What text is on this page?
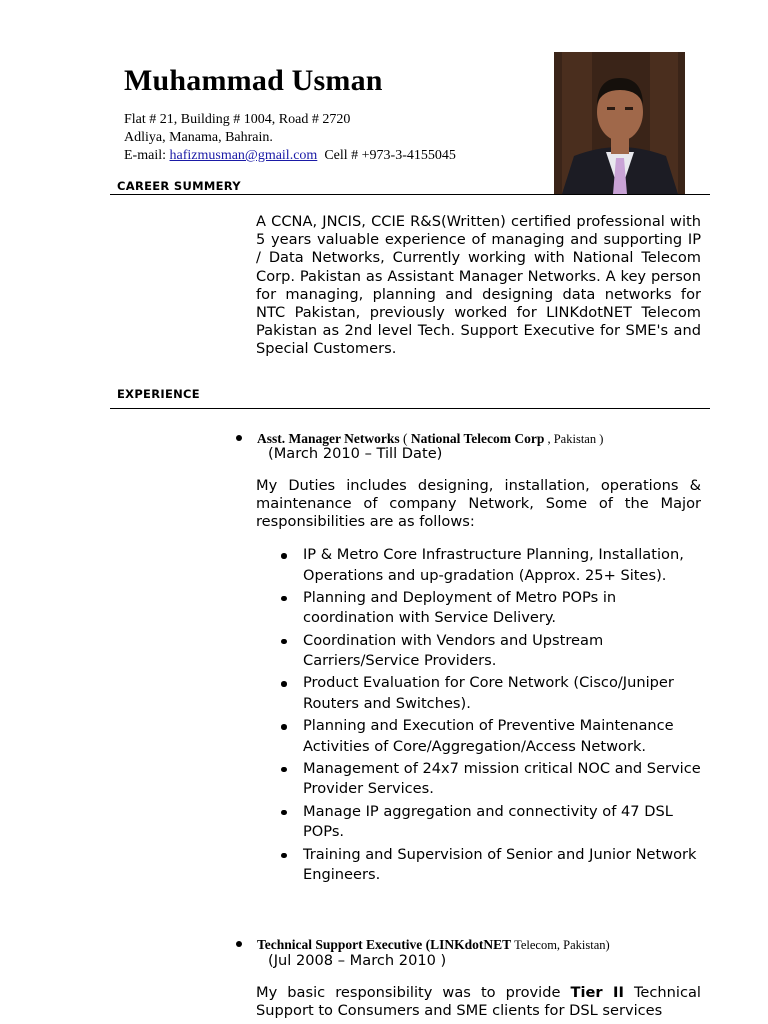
Muhammad Usman
Flat # 21, Building # 1004, Road # 2720
Adliya, Manama, Bahrain.
E-mail: hafizmusman@gmail.com  Cell # +973-3-4155045
CAREER SUMMERY

A CCNA, JNCIS, CCIE R&S(Written) certified professional with 5 years valuable experience of managing and supporting IP / Data Networks, Currently working with National Telecom Corp. Pakistan as Assistant Manager Networks. A key person for managing, planning and designing data networks for NTC Pakistan, previously worked for LINKdotNET Telecom Pakistan as 2nd level Tech. Support Executive for SME's and Special Customers.

EXPERIENCE
Asst. Manager Networks ( National Telecom Corp , Pakistan )
(March 2010 – Till Date)

My Duties includes designing, installation, operations & maintenance of company Network, Some of the Major responsibilities are as follows:

IP & Metro Core Infrastructure Planning, Installation, Operations and up-gradation (Approx. 25+ Sites).
Planning and Deployment of Metro POPs in coordination with Service Delivery.
Coordination with Vendors and Upstream Carriers/Service Providers.
Product Evaluation for Core Network (Cisco/Juniper Routers and Switches).
Planning and Execution of Preventive Maintenance Activities of Core/Aggregation/Access Network.
Management of 24x7 mission critical NOC and Service Provider Services.
Manage IP aggregation and connectivity of 47 DSL POPs.
Training and Supervision of Senior and Junior Network Engineers.
Technical Support Executive (LINKdotNET Telecom, Pakistan)
(Jul 2008 – March 2010 )

My basic responsibility was to provide Tier II Technical Support to Consumers and SME clients for DSL services
